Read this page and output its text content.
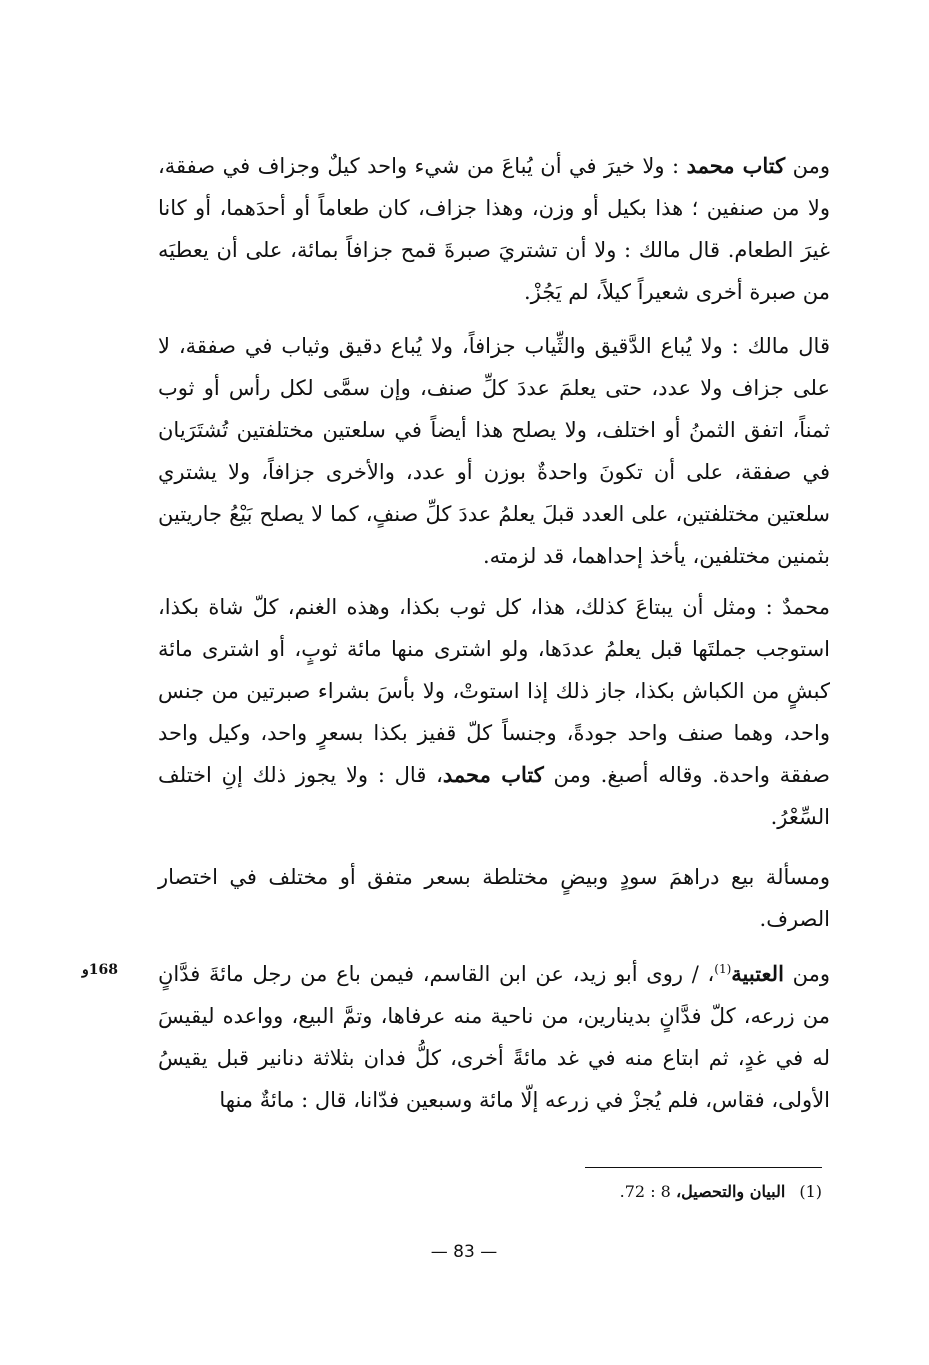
ومن كتاب محمد : ولا خيرَ في أن يُباعَ من شيء واحد كيلٌ وجزاف في صفقة، ولا من صنفين ؛ هذا بكيل أو وزن، وهذا جزاف، كان طعاماً أو أحدَهما، أو كانا غيرَ الطعام. قال مالك : ولا أن تشتريَ صبرةَ قمح جزافاً بمائة، على أن يعطيَه من صبرة أخرى شعيراً كيلاً، لم يَجُزْ.

قال مالك : ولا يُباع الدَّقيق والثِّياب جزافاً، ولا يُباع دقيق وثياب في صفقة، لا على جزاف ولا عدد، حتى يعلمَ عددَ كلِّ صنف، وإن سمَّى لكل رأس أو ثوب ثمناً، اتفق الثمنُ أو اختلف، ولا يصلح هذا أيضاً في سلعتين مختلفتين تُشتَرَيان في صفقة، على أن تكونَ واحدةٌ بوزن أو عدد، والأخرى جزافاً، ولا يشتري سلعتين مختلفتين، على العدد قبلَ يعلمُ عددَ كلِّ صنفٍ، كما لا يصلح بَيْعُ جاريتين بثمنين مختلفين، يأخذ إحداهما، قد لزمته.

محمدٌ : ومثل أن يبتاعَ كذلك، هذا، كل ثوب بكذا، وهذه الغنم، كلّ شاة بكذا، استوجب جملتَها قبل يعلمُ عددَها، ولو اشترى منها مائة ثوبٍ، أو اشترى مائة كبشٍ من الكباش بكذا، جاز ذلك إذا استوتْ، ولا بأسَ بشراء صبرتين من جنس واحد، وهما صنف واحد جودةً، وجنساً كلّ قفيز بكذا بسعرٍ واحد، وكيل واحد صفقة واحدة. وقاله أصبغ. ومن كتاب محمد، قال : ولا يجوز ذلك إنِ اختلف السِّعْرُ.

ومسألة بيع دراهمَ سودٍ وبيضٍ مختلطة بسعر متفق أو مختلف في اختصار الصرف.

ومن العتبية$^{(1)}$، / روى أبو زيد، عن ابن القاسم، فيمن باع من رجل مائةَ فدَّانٍ من زرعه، كلّ فدَّانٍ بدينارين، من ناحية منه عرفاها، وتمَّ البيع، وواعده ليقيسَ له في غدٍ، ثم ابتاع منه في غد مائةً أخرى، كلُّ فدان بثلاثة دنانير قبل يقيسُ الأولى، فقاس، فلم يُجزْ في زرعه إلّا مائة وسبعين فدّانا، قال : مائةٌ منها

168و
(1)البيان والتحصيل، 8 : 72.
— 83 —
